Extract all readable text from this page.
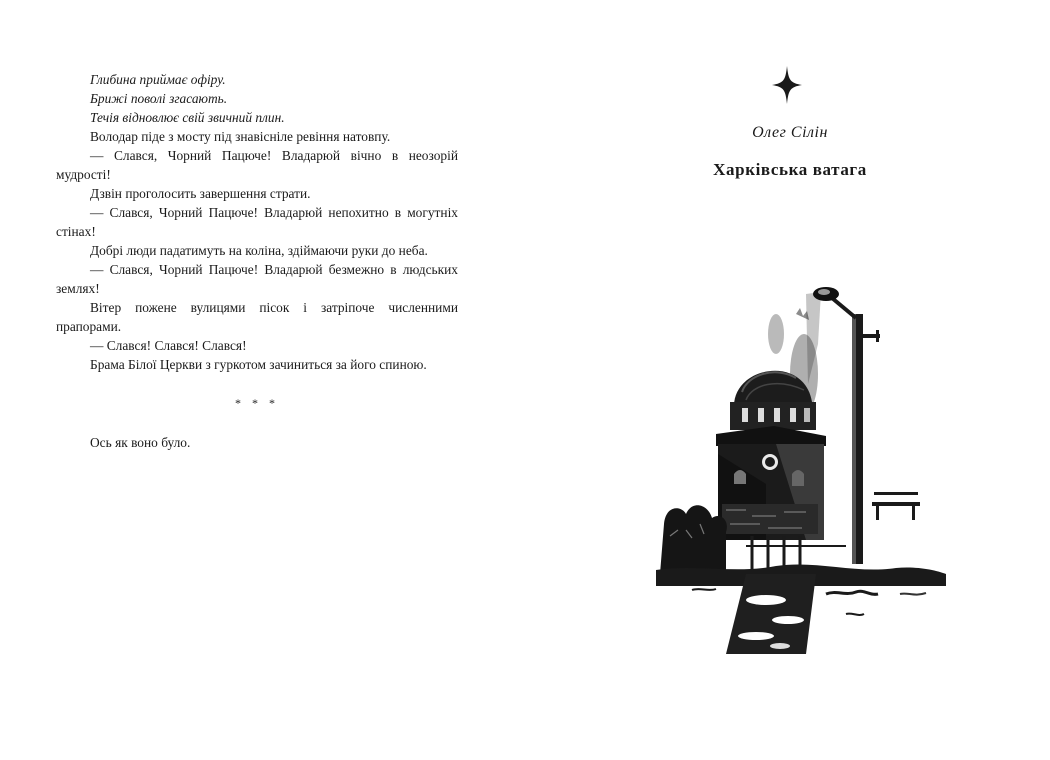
Глибина приймає офіру.

Брижі поволі згасають.

Течія відновлює свій звичний плин.

Володар піде з мосту під знавісніле ревіння натовпу.

— Слався, Чорний Пацюче! Владарюй вічно в неозорій мудрості!

Дзвін проголосить завершення страти.

— Слався, Чорний Пацюче! Владарюй непохитно в могутніх стінах!

Добрі люди падатимуть на коліна, здіймаючи руки до неба.

— Слався, Чорний Пацюче! Владарюй безмежно в людських землях!

Вітер пожене вулицями пісок і затріпоче численними прапорами.

— Слався! Слався! Слався!

Брама Білої Церкви з гуркотом зачиниться за його спиною.

* * *

Ось як воно було.

Олег Сілін
Харківська ватага
